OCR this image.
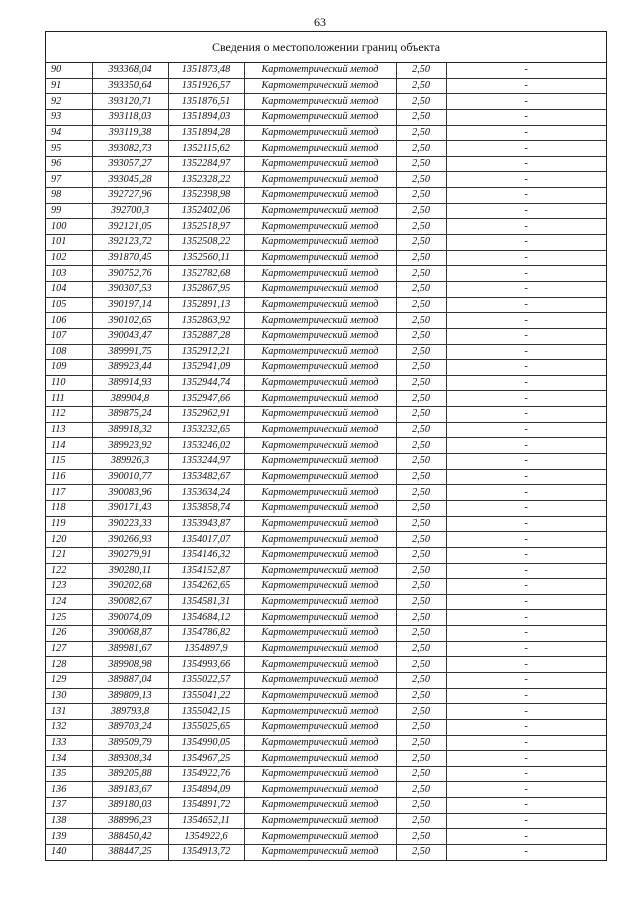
63
Сведения о местоположении границ объекта
90	393368,04	1351873,48	Картометрический метод	2,50	-
91	393350,64	1351926,57	Картометрический метод	2,50	-
92	393120,71	1351876,51	Картометрический метод	2,50	-
93	393118,03	1351894,03	Картометрический метод	2,50	-
94	393119,38	1351894,28	Картометрический метод	2,50	-
95	393082,73	1352115,62	Картометрический метод	2,50	-
96	393057,27	1352284,97	Картометрический метод	2,50	-
97	393045,28	1352328,22	Картометрический метод	2,50	-
98	392727,96	1352398,98	Картометрический метод	2,50	-
99	392700,3	1352402,06	Картометрический метод	2,50	-
100	392121,05	1352518,97	Картометрический метод	2,50	-
101	392123,72	1352508,22	Картометрический метод	2,50	-
102	391870,45	1352560,11	Картометрический метод	2,50	-
103	390752,76	1352782,68	Картометрический метод	2,50	-
104	390307,53	1352867,95	Картометрический метод	2,50	-
105	390197,14	1352891,13	Картометрический метод	2,50	-
106	390102,65	1352863,92	Картометрический метод	2,50	-
107	390043,47	1352887,28	Картометрический метод	2,50	-
108	389991,75	1352912,21	Картометрический метод	2,50	-
109	389923,44	1352941,09	Картометрический метод	2,50	-
110	389914,93	1352944,74	Картометрический метод	2,50	-
111	389904,8	1352947,66	Картометрический метод	2,50	-
112	389875,24	1352962,91	Картометрический метод	2,50	-
113	389918,32	1353232,65	Картометрический метод	2,50	-
114	389923,92	1353246,02	Картометрический метод	2,50	-
115	389926,3	1353244,97	Картометрический метод	2,50	-
116	390010,77	1353482,67	Картометрический метод	2,50	-
117	390083,96	1353634,24	Картометрический метод	2,50	-
118	390171,43	1353858,74	Картометрический метод	2,50	-
119	390223,33	1353943,87	Картометрический метод	2,50	-
120	390266,93	1354017,07	Картометрический метод	2,50	-
121	390279,91	1354146,32	Картометрический метод	2,50	-
122	390280,11	1354152,87	Картометрический метод	2,50	-
123	390202,68	1354262,65	Картометрический метод	2,50	-
124	390082,67	1354581,31	Картометрический метод	2,50	-
125	390074,09	1354684,12	Картометрический метод	2,50	-
126	390068,87	1354786,82	Картометрический метод	2,50	-
127	389981,67	1354897,9	Картометрический метод	2,50	-
128	389908,98	1354993,66	Картометрический метод	2,50	-
129	389887,04	1355022,57	Картометрический метод	2,50	-
130	389809,13	1355041,22	Картометрический метод	2,50	-
131	389793,8	1355042,15	Картометрический метод	2,50	-
132	389703,24	1355025,65	Картометрический метод	2,50	-
133	389509,79	1354990,05	Картометрический метод	2,50	-
134	389308,34	1354967,25	Картометрический метод	2,50	-
135	389205,88	1354922,76	Картометрический метод	2,50	-
136	389183,67	1354894,09	Картометрический метод	2,50	-
137	389180,03	1354891,72	Картометрический метод	2,50	-
138	388996,23	1354652,11	Картометрический метод	2,50	-
139	388450,42	1354922,6	Картометрический метод	2,50	-
140	388447,25	1354913,72	Картометрический метод	2,50	-
